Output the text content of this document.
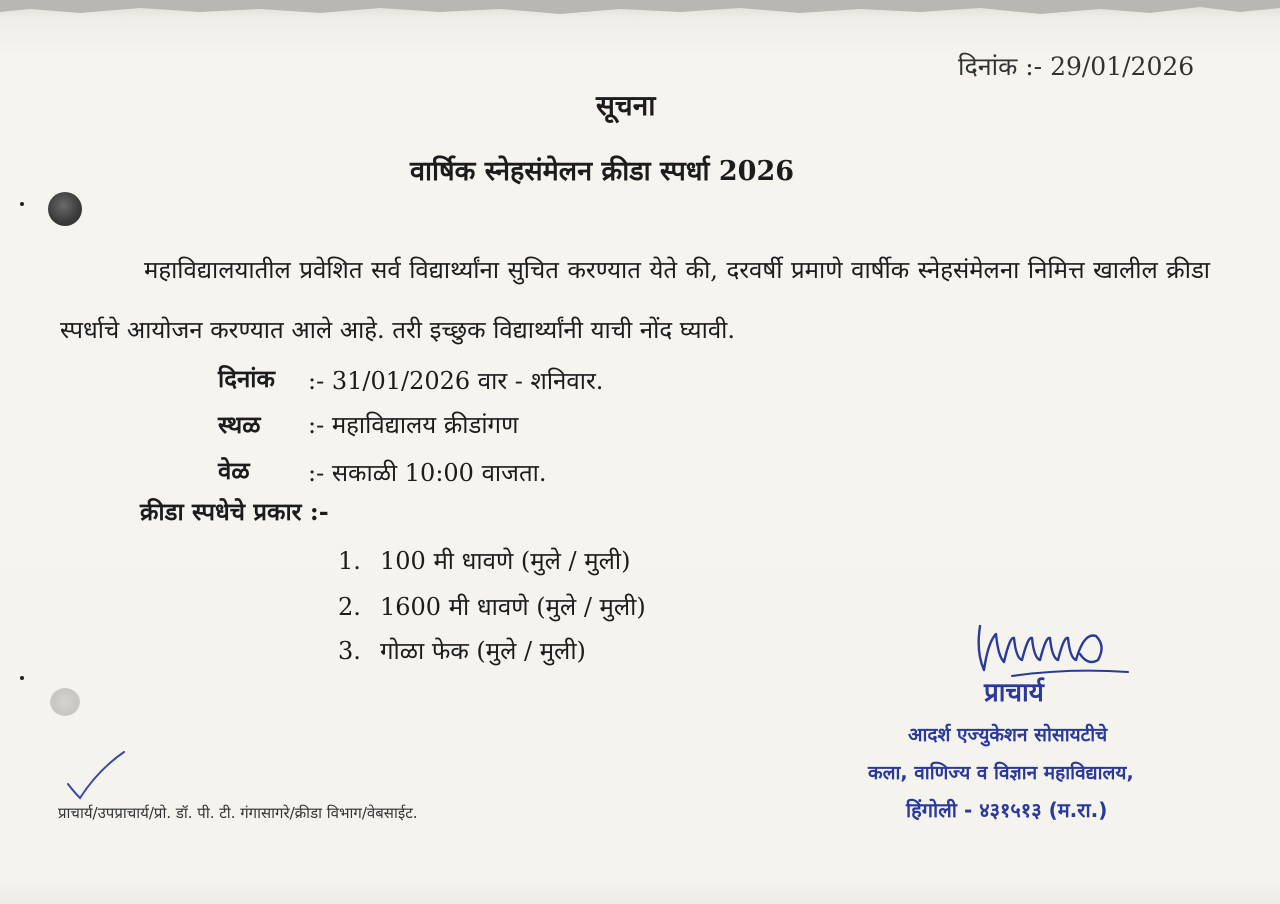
दिनांक :- 29/01/2026
सूचना
वार्षिक स्नेहसंमेलन क्रीडा स्पर्धा 2026
महाविद्यालयातील प्रवेशित सर्व विद्यार्थ्यांना सुचित करण्यात येते की, दरवर्षी प्रमाणे वार्षीक स्नेहसंमेलना निमित्त खालील क्रीडा स्पर्धाचे आयोजन करण्यात आले आहे. तरी इच्छुक विद्यार्थ्यांनी याची नोंद घ्यावी.
दिनांक :- 31/01/2026 वार - शनिवार.
स्थळ :- महाविद्यालय क्रीडांगण
वेळ :- सकाळी 10:00 वाजता.
क्रीडा स्पधेचे प्रकार :-
1. 100 मी धावणे (मुले / मुली)
2. 1600 मी धावणे (मुले / मुली)
3. गोळा फेक (मुले / मुली)
प्राचार्य/उपप्राचार्य/प्रो. डॉ. पी. टी. गंगासागरे/क्रीडा विभाग/वेबसाईट.
प्राचार्य
आदर्श एज्युकेशन सोसायटीचे
कला, वाणिज्य व विज्ञान महाविद्यालय,
हिंगोली - ४३१५१३ (म.रा.)
